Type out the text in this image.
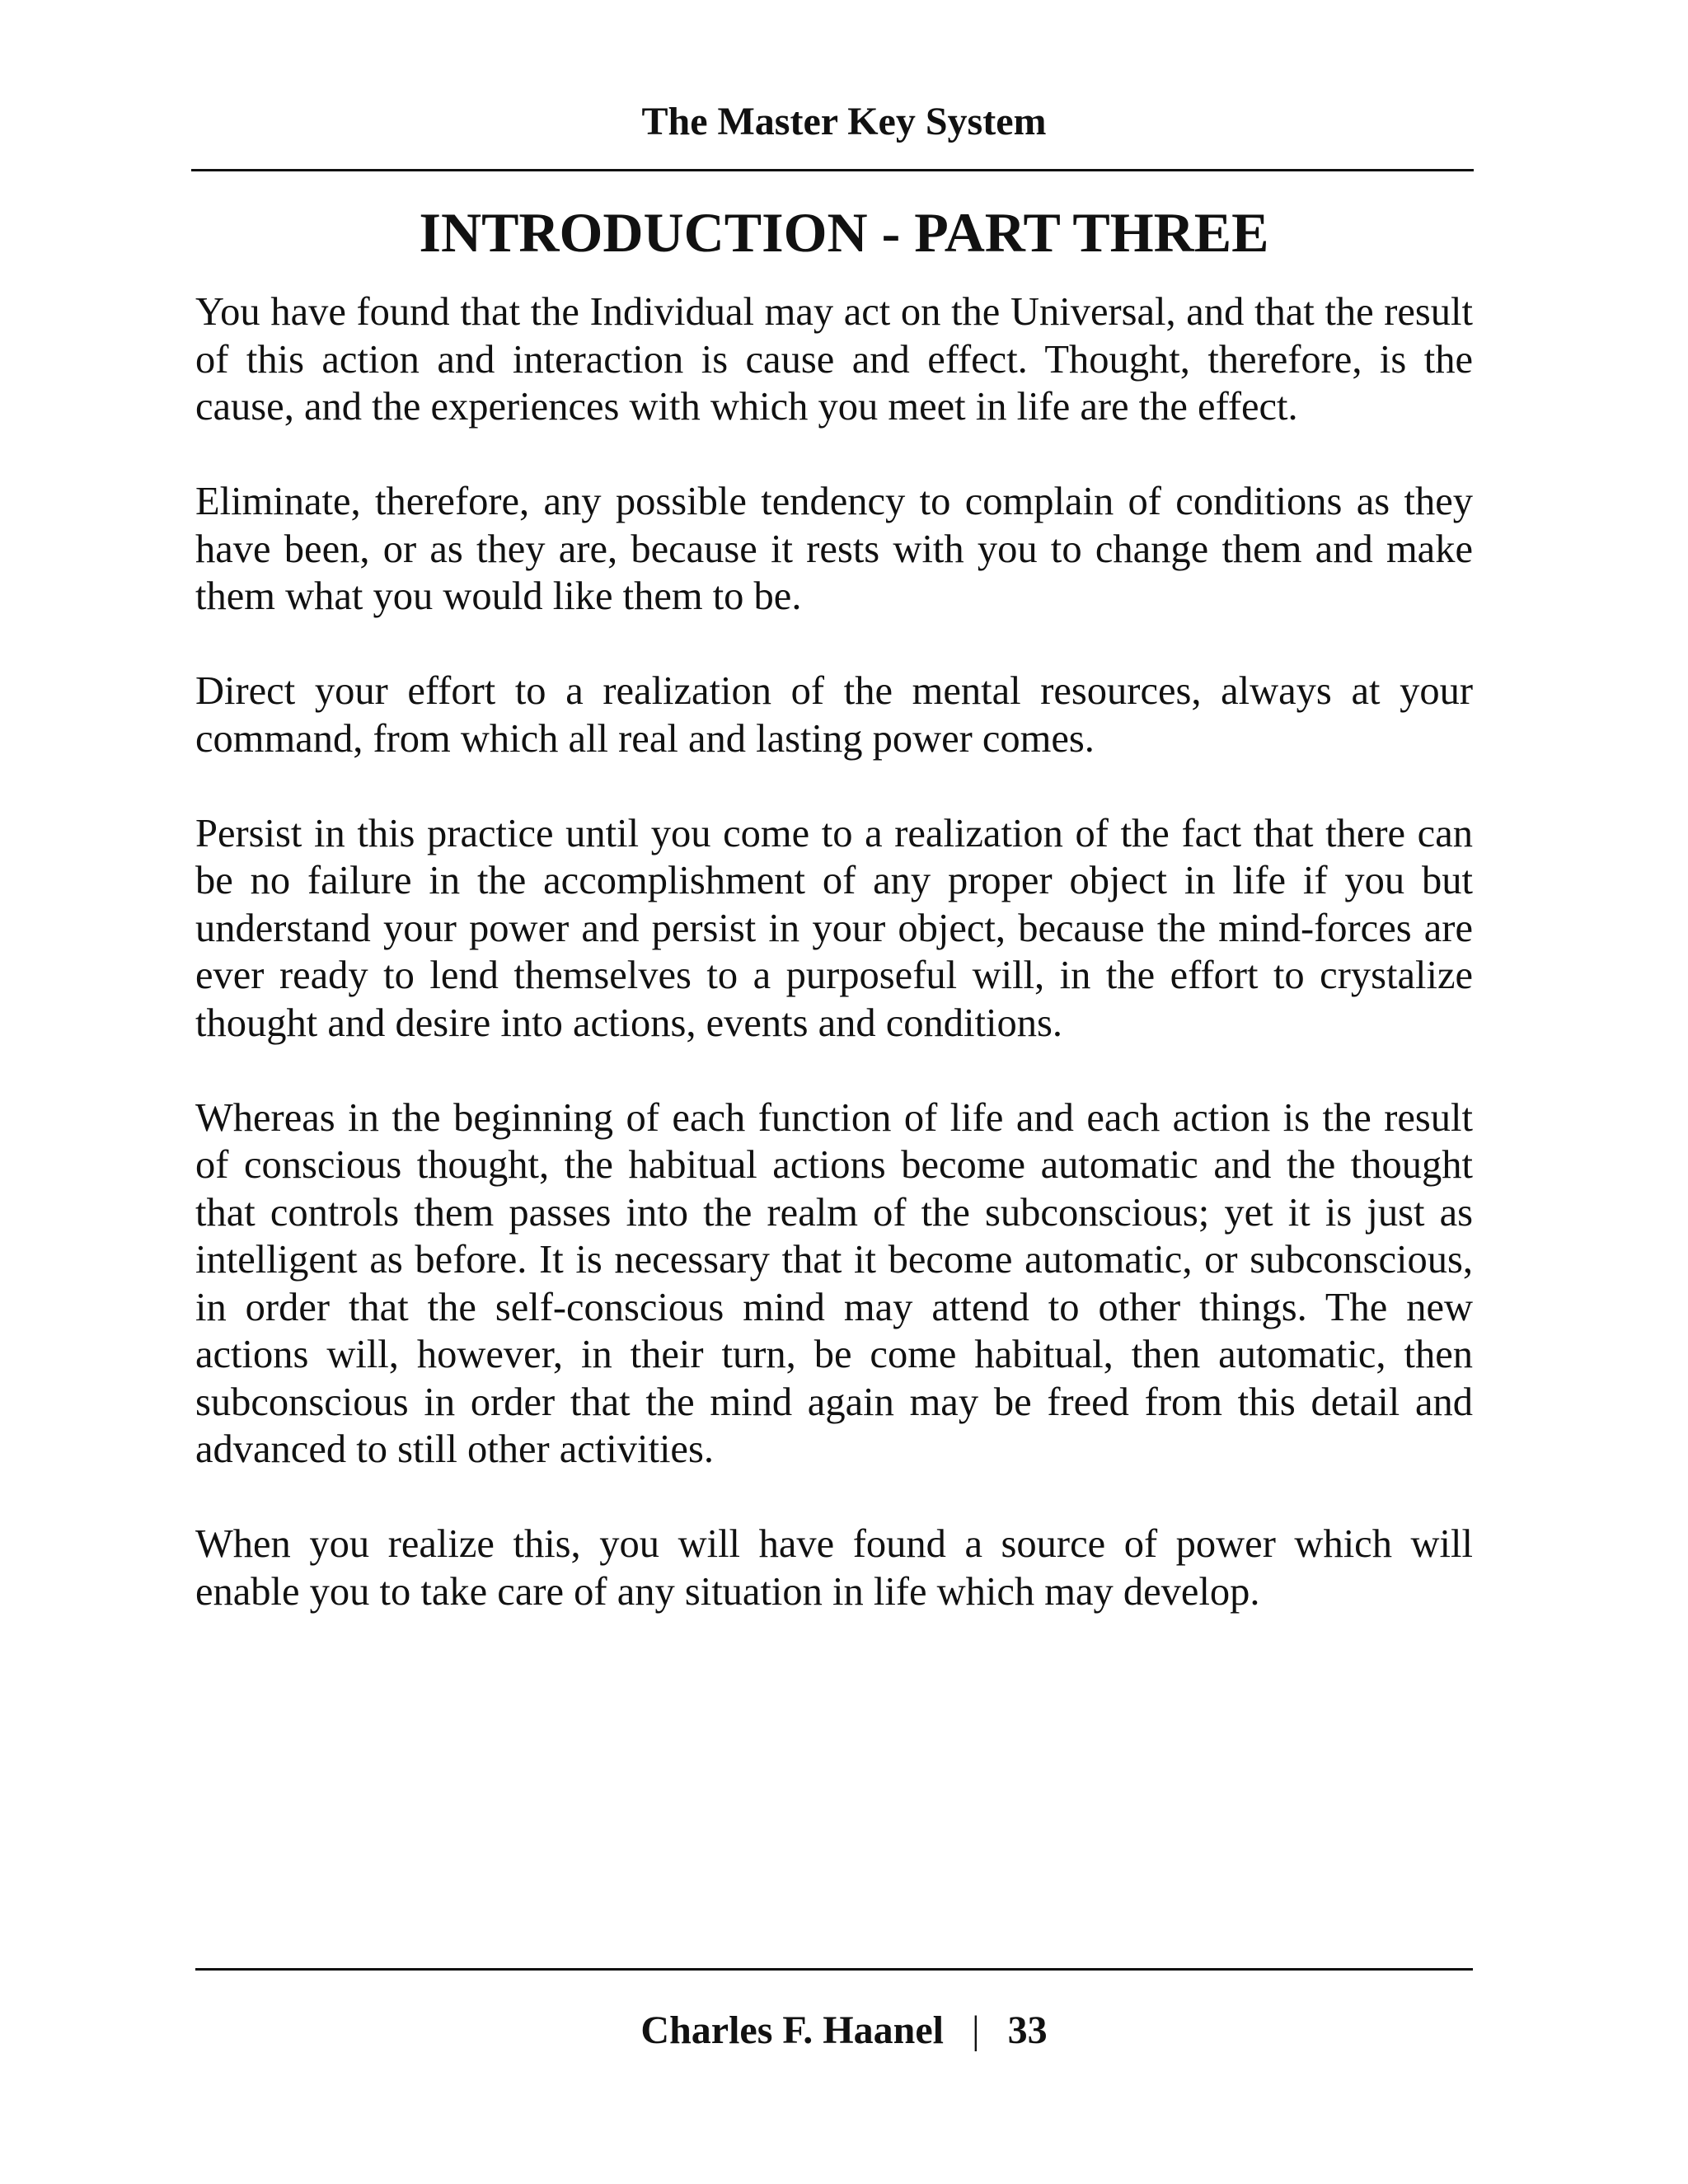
The Master Key System
INTRODUCTION - PART THREE

You have found that the Individual may act on the Universal, and that the result of this action and interaction is cause and effect. Thought, therefore, is the cause, and the experiences with which you meet in life are the effect.

Eliminate, therefore, any possible tendency to complain of conditions as they have been, or as they are, because it rests with you to change them and make them what you would like them to be.

Direct your effort to a realization of the mental resources, always at your command, from which all real and lasting power comes.

Persist in this practice until you come to a realization of the fact that there can be no failure in the accomplishment of any proper object in life if you but understand your power and persist in your object, because the mind-forces are ever ready to lend themselves to a purposeful will, in the effort to crystalize thought and desire into actions, events and conditions.

Whereas in the beginning of each function of life and each action is the result of conscious thought, the habitual actions become automatic and the thought that controls them passes into the realm of the subconscious; yet it is just as intelligent as before. It is necessary that it become automatic, or subconscious, in order that the self-conscious mind may attend to other things. The new actions will, however, in their turn, be come habitual, then automatic, then subconscious in order that the mind again may be freed from this detail and advanced to still other activities.

When you realize this, you will have found a source of power which will enable you to take care of any situation in life which may develop.

Charles F. Haanel | 33
